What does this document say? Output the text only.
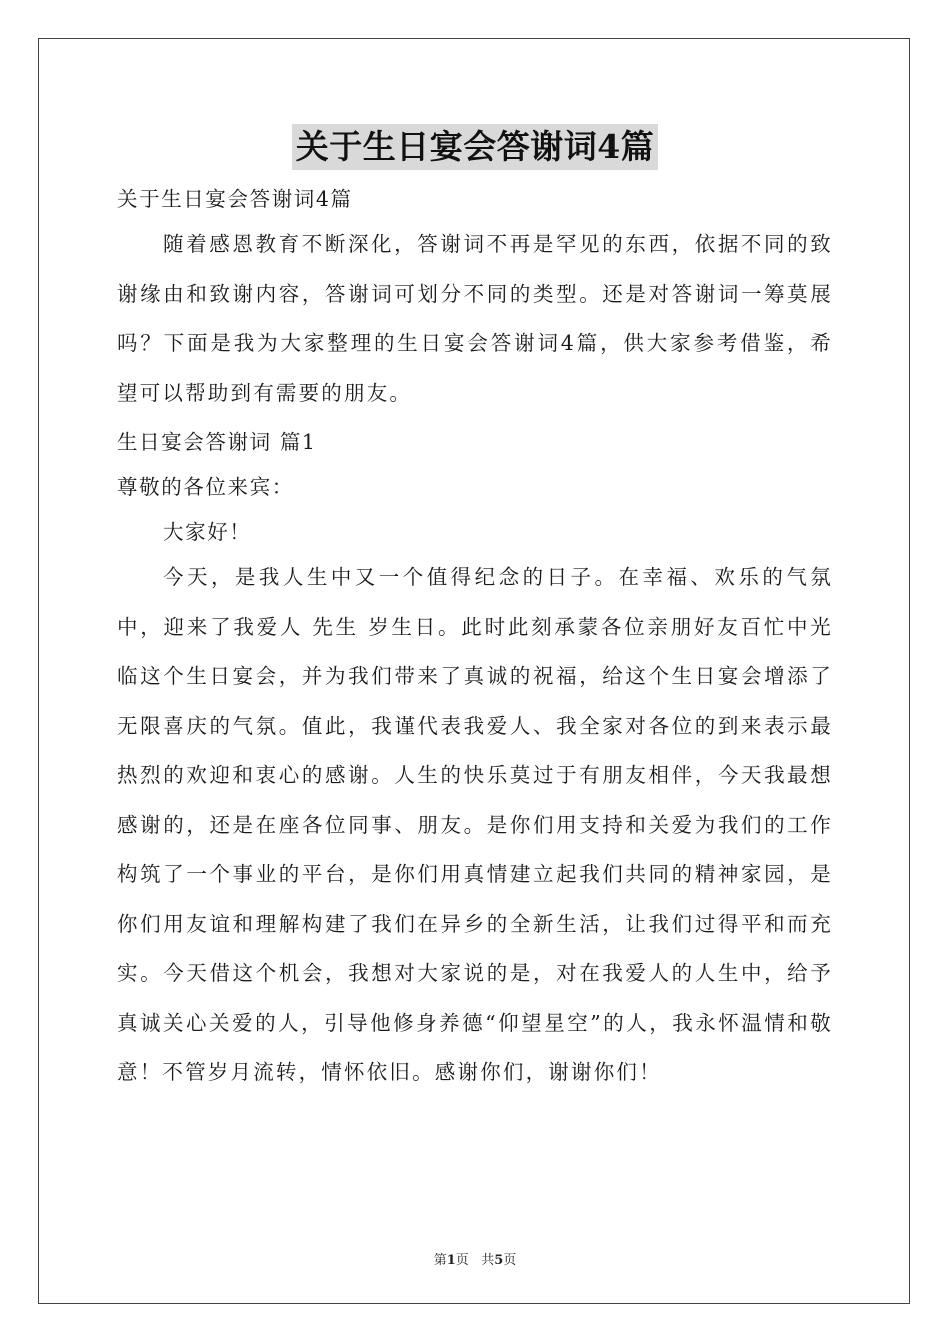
关于生日宴会答谢词4篇

关于生日宴会答谢词4篇

随着感恩教育不断深化，答谢词不再是罕见的东西，依据不同的致谢缘由和致谢内容，答谢词可划分不同的类型。还是对答谢词一筹莫展吗？下面是我为大家整理的生日宴会答谢词4篇，供大家参考借鉴，希望可以帮助到有需要的朋友。

生日宴会答谢词 篇1

尊敬的各位来宾：

大家好！

今天，是我人生中又一个值得纪念的日子。在幸福、欢乐的气氛中，迎来了我爱人 先生 岁生日。此时此刻承蒙各位亲朋好友百忙中光临这个生日宴会，并为我们带来了真诚的祝福，给这个生日宴会增添了无限喜庆的气氛。值此，我谨代表我爱人、我全家对各位的到来表示最热烈的欢迎和衷心的感谢。人生的快乐莫过于有朋友相伴，今天我最想感谢的，还是在座各位同事、朋友。是你们用支持和关爱为我们的工作构筑了一个事业的平台，是你们用真情建立起我们共同的精神家园，是你们用友谊和理解构建了我们在异乡的全新生活，让我们过得平和而充实。今天借这个机会，我想对大家说的是，对在我爱人的人生中，给予真诚关心关爱的人，引导他修身养德“仰望星空”的人，我永怀温情和敬意！不管岁月流转，情怀依旧。感谢你们，谢谢你们！

第1页 共5页
